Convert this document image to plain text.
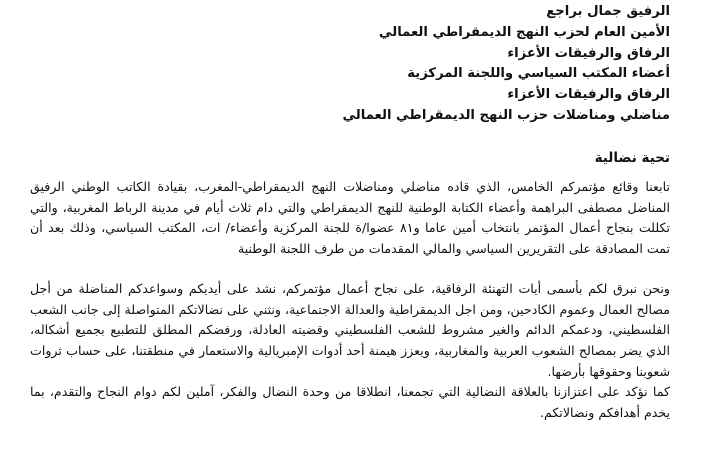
الرفيق جمال براجع
الأمين العام لحزب النهج الديمقراطي العمالي
الرفاق والرفيقات الأعزاء
أعضاء المكتب السياسي واللجنة المركزية
الرفاق والرفيقات الأعزاء
مناضلي ومناضلات حزب النهج الديمقراطي العمالي
تحية نضالية

تابعنا وقائع مؤتمركم الخامس، الذي قاده مناضلي ومناضلات النهج الديمقراطي-المغرب، بقيادة الكاتب الوطني الرفيق المناضل مصطفى البراهمة وأعضاء الكتابة الوطنية للنهج الديمقراطي والتي دام ثلاث أيام في مدينة الرباط المغربية، والتي تكللت بنجاح أعمال المؤتمر بانتخاب أمين عاما و٨١ عضوا/ة للجنة المركزية وأعضاء/ ات، المكتب السياسي، وذلك بعد أن تمت المصادقة على التقريرين السياسي والمالي المقدمات من طرف اللجنة الوطنية

ونحن نبرق لكم بأسمى أيات التهنئة الرفاقية، على نجاح أعمال مؤتمركم، نشد على أيديكم وسواعدكم المناضلة من أجل مصالح العمال وعموم الكادحين، ومن اجل الديمقراطية والعدالة الاجتماعية، ونثني على نضالاتكم المتواصلة إلى جانب الشعب الفلسطيني، ودعمكم الدائم والغير مشروط للشعب الفلسطيني وقضيته العادلة، ورفضكم المطلق للتطبيع بجميع أشكاله، الذي يضر بمصالح الشعوب العربية والمغاربية، ويعزز هيمنة أحد أدوات الإمبريالية والاستعمار في منطقتنا، على حساب ثروات شعوبنا وحقوقها بأرضها.

كما نؤكد على اعتزازنا بالعلاقة النضالية التي تجمعنا، انطلاقا من وحدة النضال والفكر، آملين لكم دوام النجاح والتقدم، بما يخدم أهدافكم ونضالاتكم.
